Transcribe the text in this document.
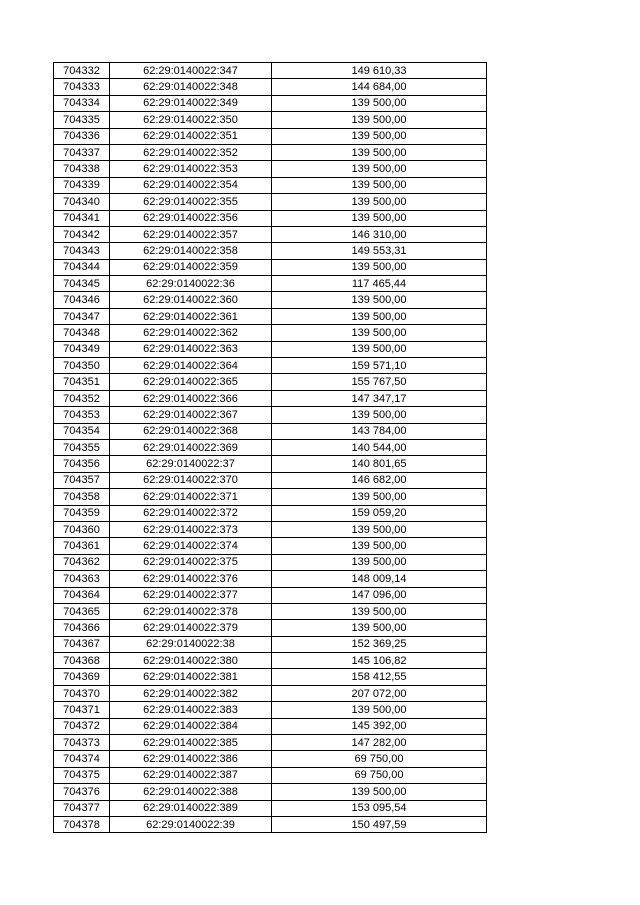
704332	62:29:0140022:347	149 610,33
704333	62:29:0140022:348	144 684,00
704334	62:29:0140022:349	139 500,00
704335	62:29:0140022:350	139 500,00
704336	62:29:0140022:351	139 500,00
704337	62:29:0140022:352	139 500,00
704338	62:29:0140022:353	139 500,00
704339	62:29:0140022:354	139 500,00
704340	62:29:0140022:355	139 500,00
704341	62:29:0140022:356	139 500,00
704342	62:29:0140022:357	146 310,00
704343	62:29:0140022:358	149 553,31
704344	62:29:0140022:359	139 500,00
704345	62:29:0140022:36	117 465,44
704346	62:29:0140022:360	139 500,00
704347	62:29:0140022:361	139 500,00
704348	62:29:0140022:362	139 500,00
704349	62:29:0140022:363	139 500,00
704350	62:29:0140022:364	159 571,10
704351	62:29:0140022:365	155 767,50
704352	62:29:0140022:366	147 347,17
704353	62:29:0140022:367	139 500,00
704354	62:29:0140022:368	143 784,00
704355	62:29:0140022:369	140 544,00
704356	62:29:0140022:37	140 801,65
704357	62:29:0140022:370	146 682,00
704358	62:29:0140022:371	139 500,00
704359	62:29:0140022:372	159 059,20
704360	62:29:0140022:373	139 500,00
704361	62:29:0140022:374	139 500,00
704362	62:29:0140022:375	139 500,00
704363	62:29:0140022:376	148 009,14
704364	62:29:0140022:377	147 096,00
704365	62:29:0140022:378	139 500,00
704366	62:29:0140022:379	139 500,00
704367	62:29:0140022:38	152 369,25
704368	62:29:0140022:380	145 106,82
704369	62:29:0140022:381	158 412,55
704370	62:29:0140022:382	207 072,00
704371	62:29:0140022:383	139 500,00
704372	62:29:0140022:384	145 392,00
704373	62:29:0140022:385	147 282,00
704374	62:29:0140022:386	69 750,00
704375	62:29:0140022:387	69 750,00
704376	62:29:0140022:388	139 500,00
704377	62:29:0140022:389	153 095,54
704378	62:29:0140022:39	150 497,59
